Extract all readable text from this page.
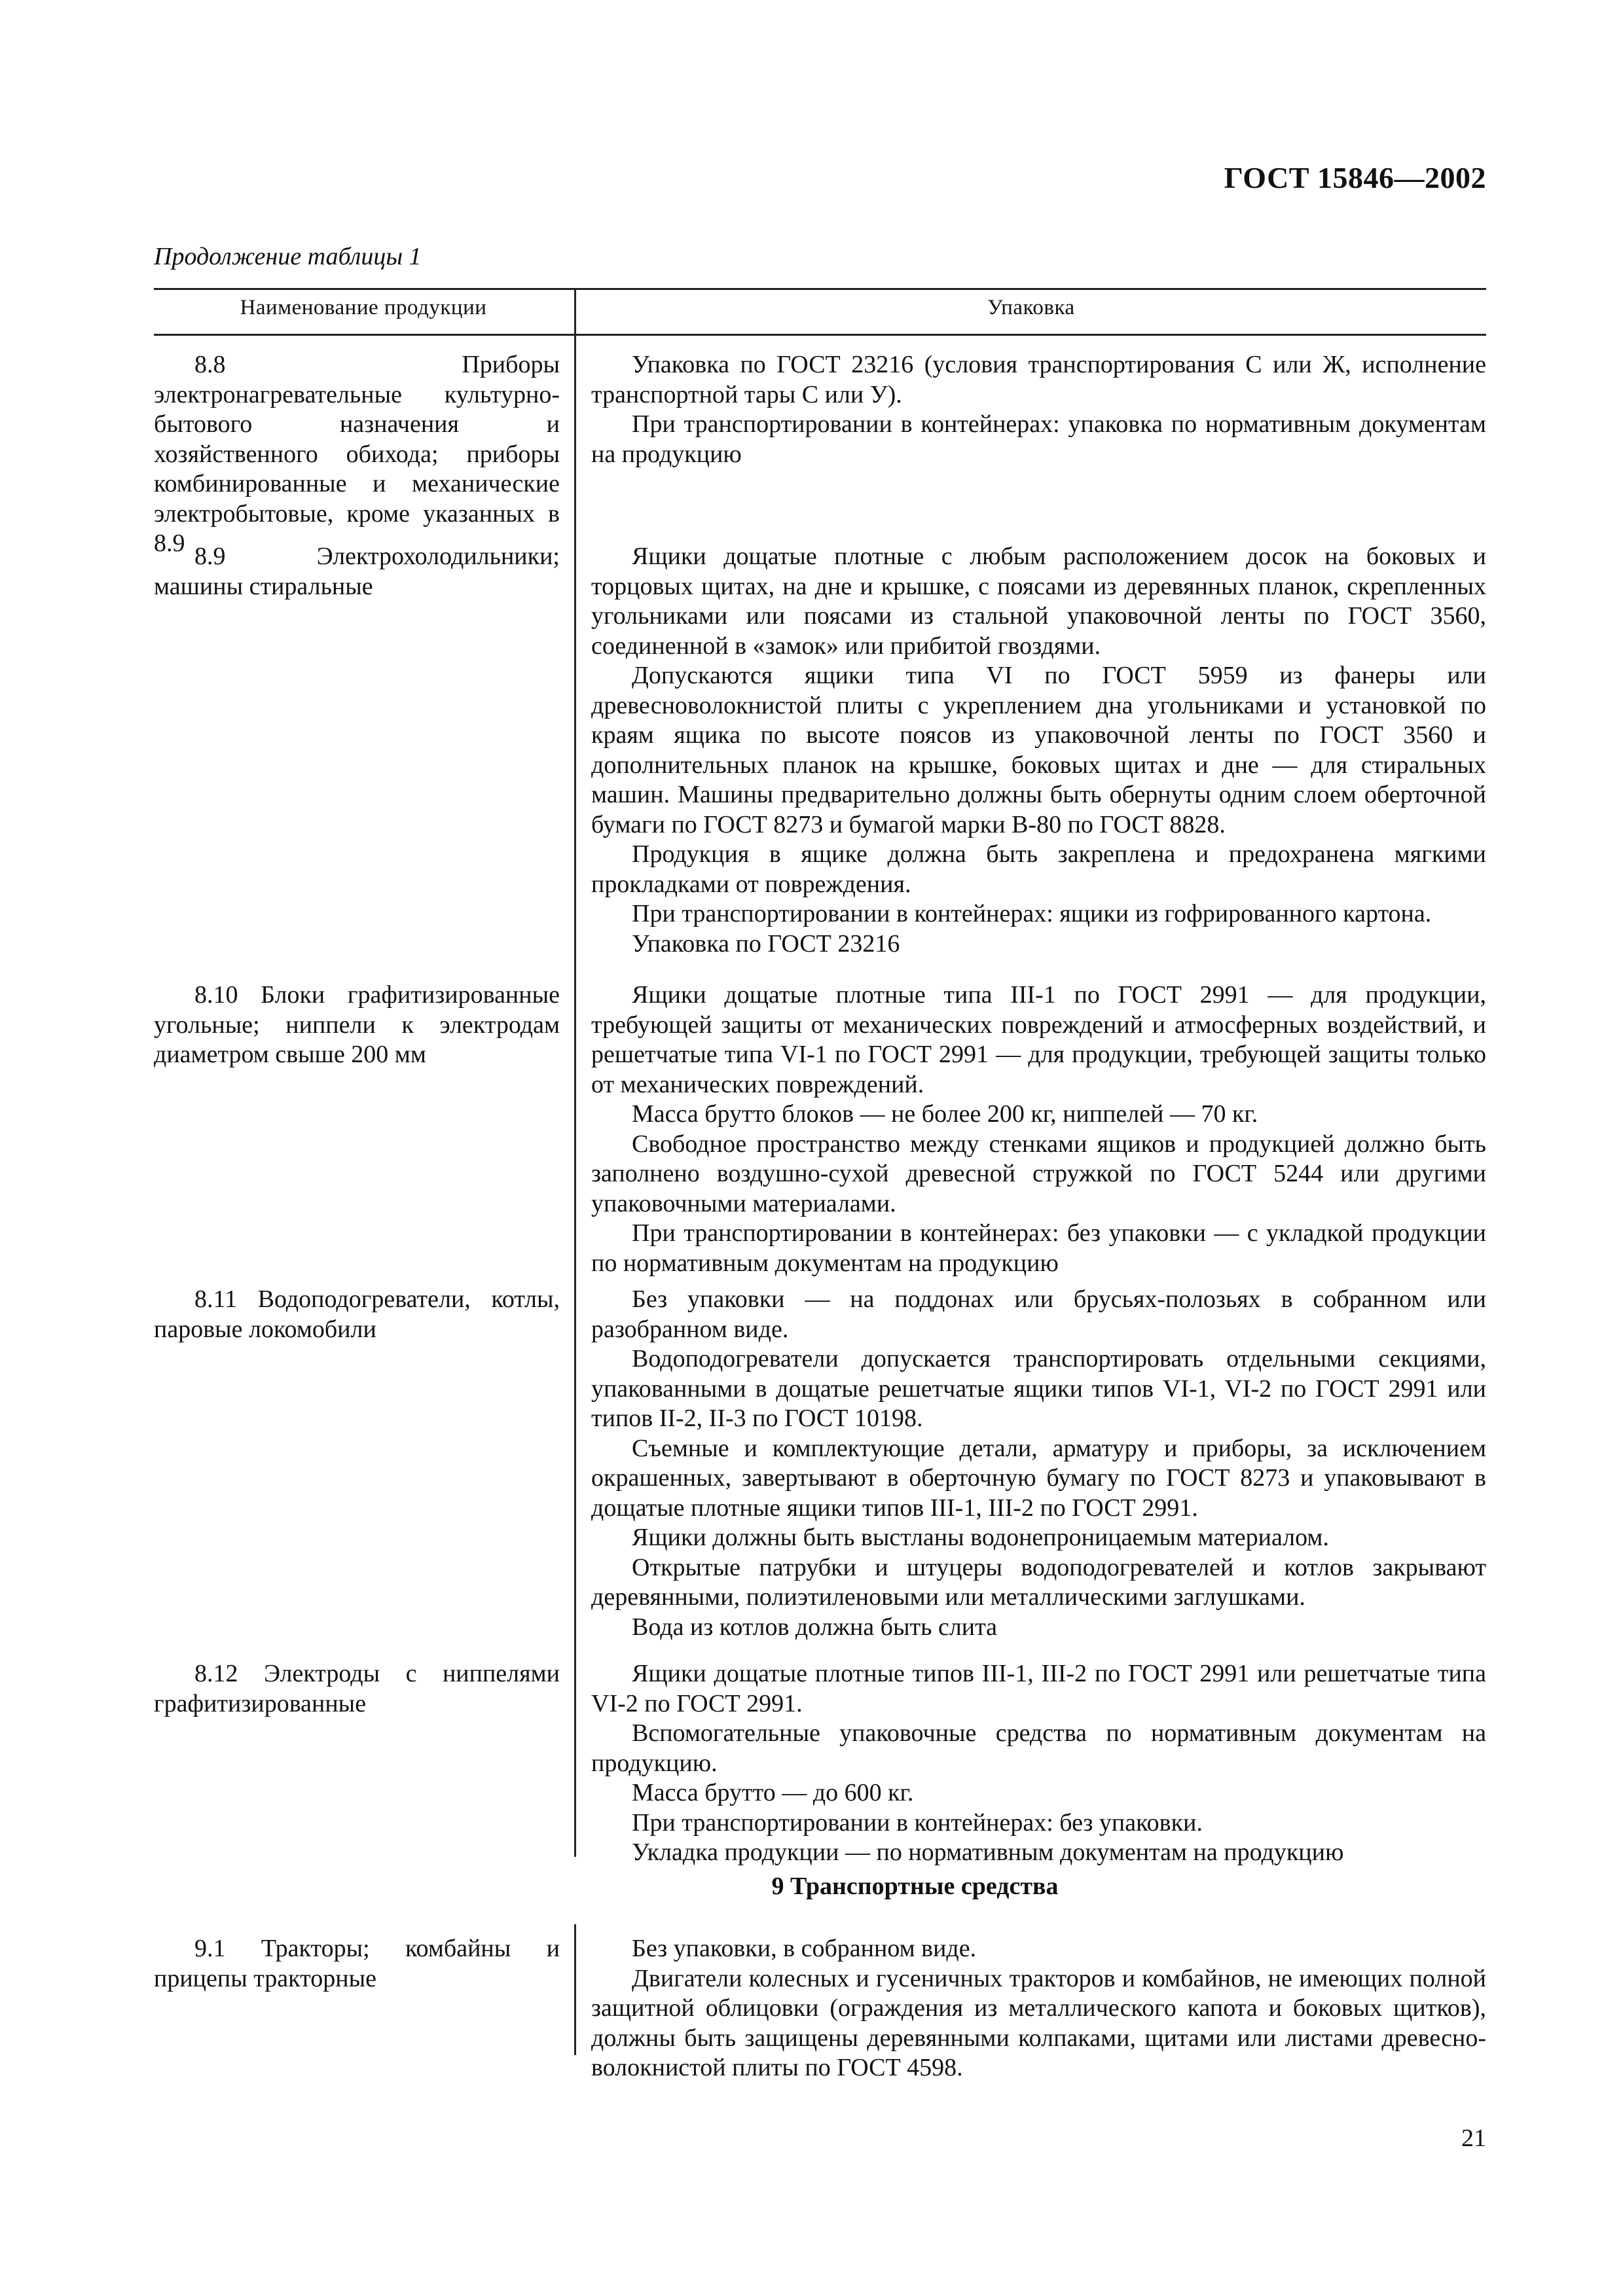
ГОСТ 15846—2002
Продолжение таблицы 1
Наименование продукции	Упаковка
8.8 Приборы электронагревательные культурно-бытового назначения и хозяйственного обихода; приборы комбинированные и механические электробытовые, кроме указанных в 8.9

Упаковка по ГОСТ 23216 (условия транспортирования С или Ж, исполнение транспортной тары С или У).

При транспортировании в контейнерах: упаковка по нормативным документам на продукцию

8.9 Электрохолодильники; машины стиральные

Ящики дощатые плотные с любым расположением досок на боковых и торцовых щитах, на дне и крышке, с поясами из деревянных планок, скрепленных угольниками или поясами из стальной упаковочной ленты по ГОСТ 3560, соединенной в «замок» или прибитой гвоздями.

Допускаются ящики типа VI по ГОСТ 5959 из фанеры или древесноволокнистой плиты с укреплением дна угольниками и установкой по краям ящика по высоте поясов из упаковочной ленты по ГОСТ 3560 и дополнительных планок на крышке, боковых щитах и дне — для стиральных машин. Машины предварительно должны быть обернуты одним слоем оберточной бумаги по ГОСТ 8273 и бумагой марки В-80 по ГОСТ 8828.

Продукция в ящике должна быть закреплена и предохранена мягкими прокладками от повреждения.

При транспортировании в контейнерах: ящики из гофрированного картона.

Упаковка по ГОСТ 23216

8.10 Блоки графитизированные угольные; ниппели к электродам диаметром свыше 200 мм

Ящики дощатые плотные типа III-1 по ГОСТ 2991 — для продукции, требующей защиты от механических повреждений и атмосферных воздействий, и решетчатые типа VI-1 по ГОСТ 2991 — для продукции, требующей защиты только от механических повреждений.

Масса брутто блоков — не более 200 кг, ниппелей — 70 кг.

Свободное пространство между стенками ящиков и продукцией должно быть заполнено воздушно-сухой древесной стружкой по ГОСТ 5244 или другими упаковочными материалами.

При транспортировании в контейнерах: без упаковки — с укладкой продукции по нормативным документам на продукцию

8.11 Водоподогреватели, котлы, паровые локомобили

Без упаковки — на поддонах или брусьях-полозьях в собранном или разобранном виде.

Водоподогреватели допускается транспортировать отдельными секциями, упакованными в дощатые решетчатые ящики типов VI-1, VI-2 по ГОСТ 2991 или типов II-2, II-3 по ГОСТ 10198.

Съемные и комплектующие детали, арматуру и приборы, за исключением окрашенных, завертывают в оберточную бумагу по ГОСТ 8273 и упаковывают в дощатые плотные ящики типов III-1, III-2 по ГОСТ 2991.

Ящики должны быть выстланы водонепроницаемым материалом.

Открытые патрубки и штуцеры водоподогревателей и котлов закрывают деревянными, полиэтиленовыми или металлическими заглушками.

Вода из котлов должна быть слита

8.12 Электроды с ниппелями графитизированные

Ящики дощатые плотные типов III-1, III-2 по ГОСТ 2991 или решетчатые типа VI-2 по ГОСТ 2991.

Вспомогательные упаковочные средства по нормативным документам на продукцию.

Масса брутто — до 600 кг.

При транспортировании в контейнерах: без упаковки.

Укладка продукции — по нормативным документам на продукцию

9 Транспортные средства
9.1 Тракторы; комбайны и прицепы тракторные

Без упаковки, в собранном виде.

Двигатели колесных и гусеничных тракторов и комбайнов, не имеющих полной защитной облицовки (ограждения из металлического капота и боковых щитков), должны быть защищены деревянными колпаками, щитами или листами древесно-волокнистой плиты по ГОСТ 4598.

21
